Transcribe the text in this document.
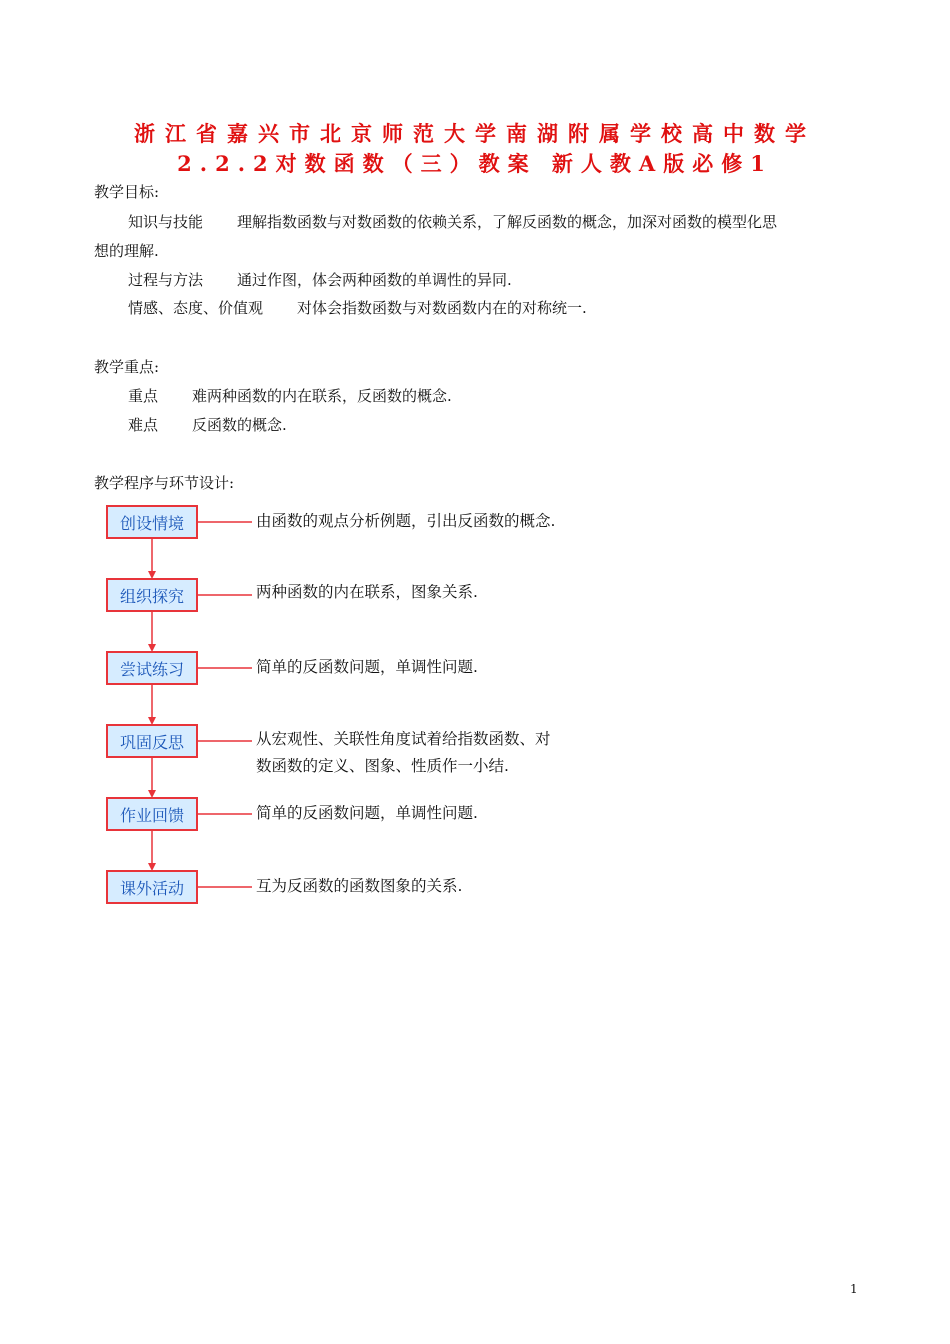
浙江省嘉兴市北京师范大学南湖附属学校高中数学
2.2.2对数函数（三）教案 新人教A版必修1
教学目标:
知识与技能 理解指数函数与对数函数的依赖关系，了解反函数的概念，加深对函数的模型化思
想的理解.
过程与方法 通过作图，体会两种函数的单调性的异同.
情感、态度、价值观 对体会指数函数与对数函数内在的对称统一.
教学重点:
重点 难两种函数的内在联系，反函数的概念.
难点 反函数的概念.
教学程序与环节设计:
创设情境	由函数的观点分析例题，引出反函数的概念.
组织探究	两种函数的内在联系，图象关系.
尝试练习	简单的反函数问题，单调性问题.
巩固反思	从宏观性、关联性角度试着给指数函数、对
数函数的定义、图象、性质作一小结.
作业回馈	简单的反函数问题，单调性问题.
课外活动	互为反函数的函数图象的关系.
1
